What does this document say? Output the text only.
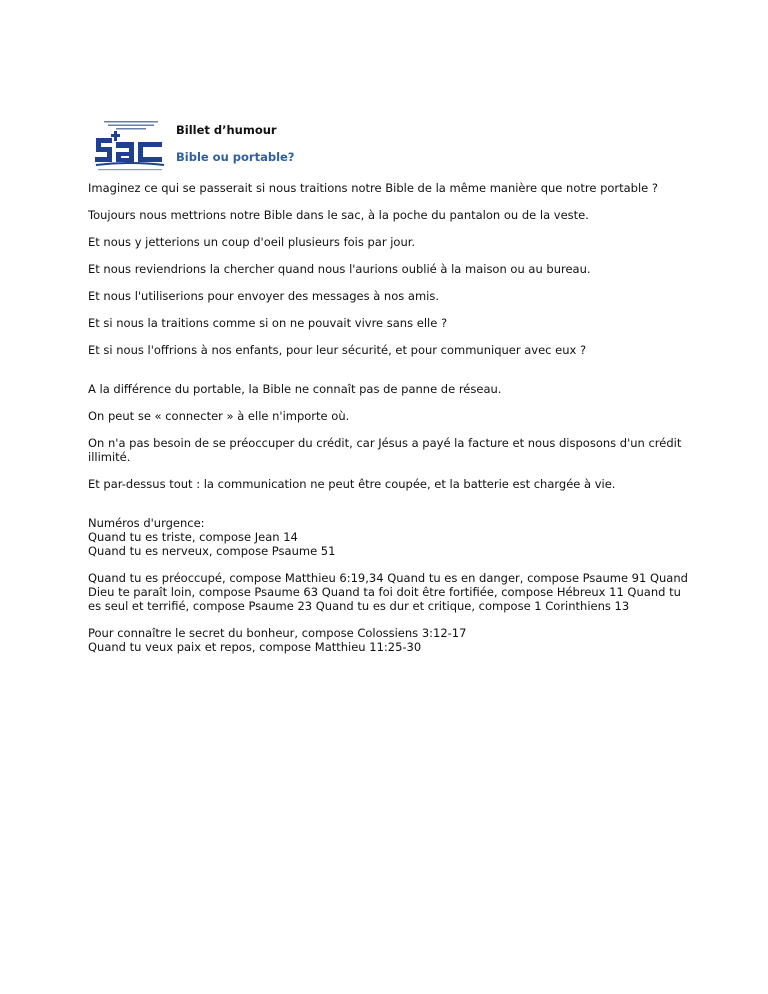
Billet d’humour
Bible ou portable?

Imaginez ce qui se passerait si nous traitions notre Bible de la même manière que notre portable ?

Toujours nous mettrions notre Bible dans le sac, à la poche du pantalon ou de la veste.

Et nous y jetterions un coup d'oeil plusieurs fois par jour.

Et nous reviendrions la chercher quand nous l'aurions oublié à la maison ou au bureau.

Et nous l'utiliserions pour envoyer des messages à nos amis.

Et si nous la traitions comme si on ne pouvait vivre sans elle ?

Et si nous l'offrions à nos enfants, pour leur sécurité, et pour communiquer avec eux ?

A la différence du portable, la Bible ne connaît pas de panne de réseau.

On peut se « connecter » à elle n'importe où.

On n'a pas besoin de se préoccuper du crédit, car Jésus a payé la facture et nous disposons d'un crédit illimité.

Et par-dessus tout : la communication ne peut être coupée, et la batterie est chargée à vie.

Numéros d'urgence:
Quand tu es triste, compose Jean 14
Quand tu es nerveux, compose Psaume 51

Quand tu es préoccupé, compose Matthieu 6:19,34 Quand tu es en danger, compose Psaume 91 Quand Dieu te paraît loin, compose Psaume 63 Quand ta foi doit être fortifiée, compose Hébreux 11 Quand tu es seul et terrifié, compose Psaume 23 Quand tu es dur et critique, compose 1 Corinthiens 13

Pour connaître le secret du bonheur, compose Colossiens 3:12-17
Quand tu veux paix et repos, compose Matthieu 11:25-30
